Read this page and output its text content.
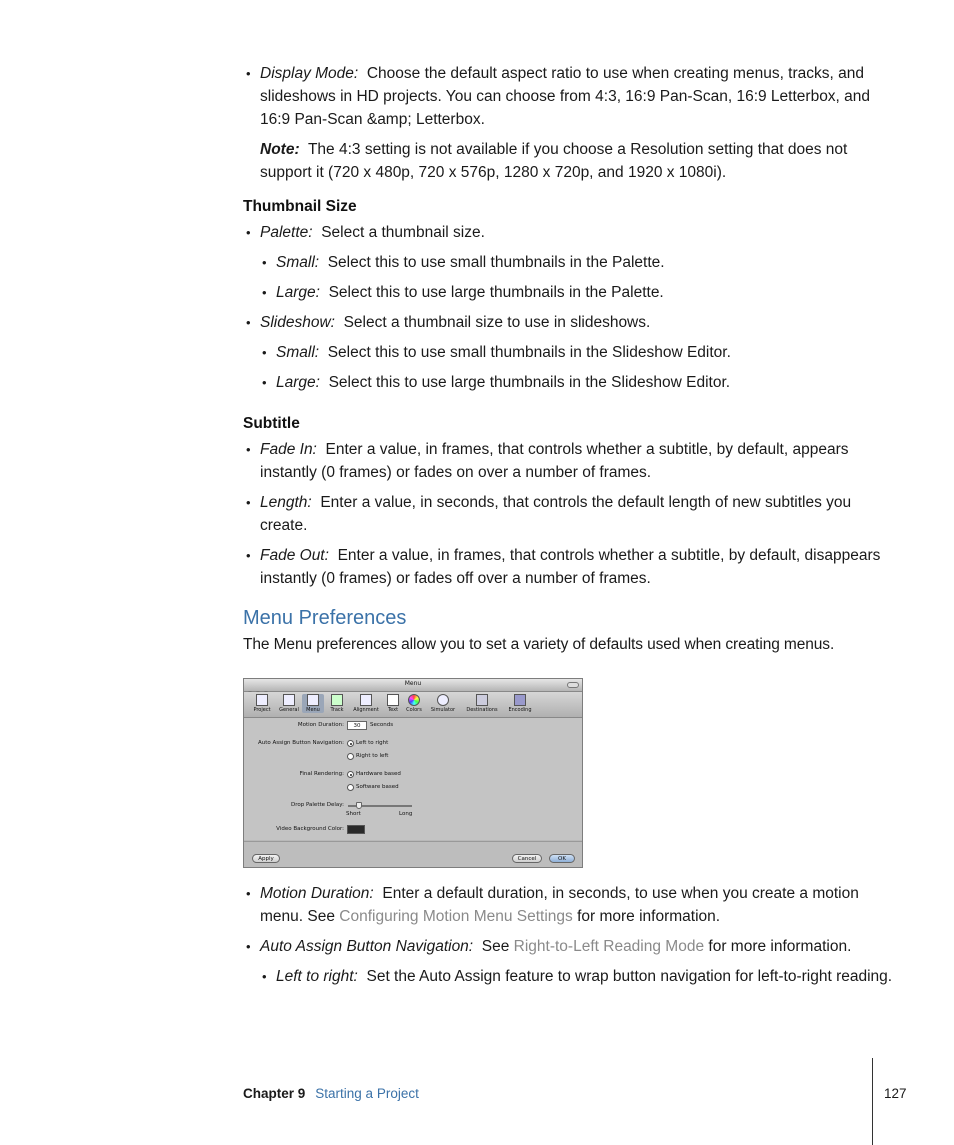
• Display Mode: Choose the default aspect ratio to use when creating menus, tracks, and slideshows in HD projects. You can choose from 4:3, 16:9 Pan-Scan, 16:9 Letterbox, and 16:9 Pan-Scan &amp; Letterbox.
Note: The 4:3 setting is not available if you choose a Resolution setting that does not support it (720 x 480p, 720 x 576p, 1280 x 720p, and 1920 x 1080i).
Thumbnail Size
• Palette: Select a thumbnail size.
• Small: Select this to use small thumbnails in the Palette.
• Large: Select this to use large thumbnails in the Palette.
• Slideshow: Select a thumbnail size to use in slideshows.
• Small: Select this to use small thumbnails in the Slideshow Editor.
• Large: Select this to use large thumbnails in the Slideshow Editor.
Subtitle
• Fade In: Enter a value, in frames, that controls whether a subtitle, by default, appears instantly (0 frames) or fades on over a number of frames.
• Length: Enter a value, in seconds, that controls the default length of new subtitles you create.
• Fade Out: Enter a value, in frames, that controls whether a subtitle, by default, disappears instantly (0 frames) or fades off over a number of frames.
Menu Preferences
The Menu preferences allow you to set a variety of defaults used when creating menus.
Menu
Project	General	Menu	Track	Alignment	Text	Colors	Simulator	Destinations	Encoding
Motion Duration:	30	Seconds
Auto Assign Button Navigation: Left to right
Right to left
Final Rendering: Hardware based
Software based
Drop Palette Delay:
Short	Long
Video Background Color:
Apply	Cancel	OK
• Motion Duration: Enter a default duration, in seconds, to use when you create a motion menu. See Configuring Motion Menu Settings for more information.
• Auto Assign Button Navigation: See Right-to-Left Reading Mode for more information.
• Left to right: Set the Auto Assign feature to wrap button navigation for left-to-right reading.
Chapter 9 Starting a Project	127
